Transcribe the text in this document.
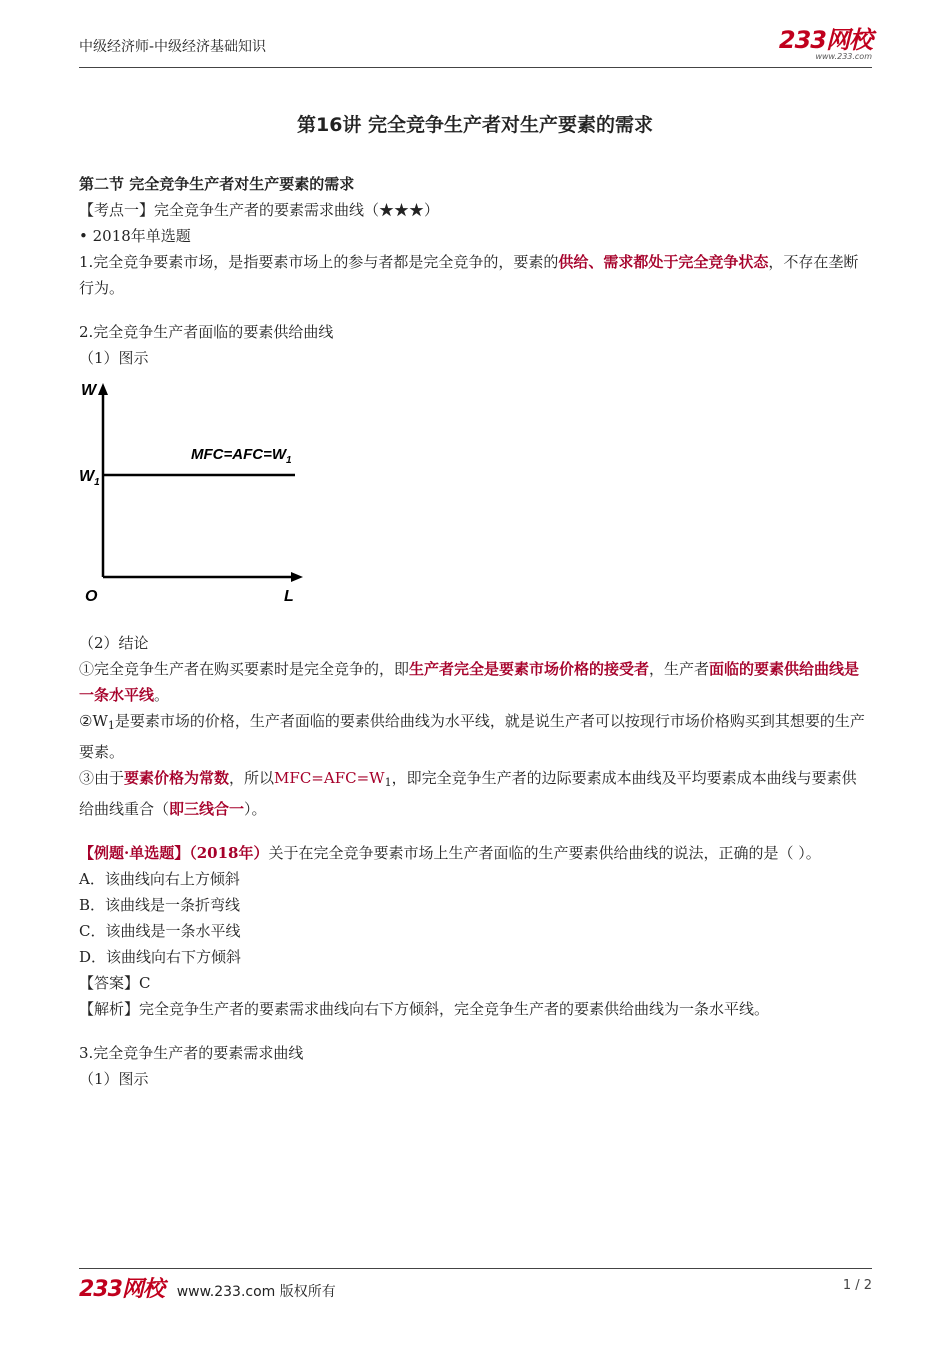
中级经济师-中级经济基础知识	233网校
www.233.com
第16讲 完全竞争生产者对生产要素的需求

第二节 完全竞争生产者对生产要素的需求

【考点一】完全竞争生产者的要素需求曲线（★★★）

• 2018年单选题

1.完全竞争要素市场，是指要素市场上的参与者都是完全竞争的，要素的供给、需求都处于完全竞争状态，不存在垄断行为。

2.完全竞争生产者面临的要素供给曲线

（1）图示

W
$W_1$
O	L
$MFC=AFC=W_1$

（2）结论

①完全竞争生产者在购买要素时是完全竞争的，即生产者完全是要素市场价格的接受者，生产者面临的要素供给曲线是一条水平线。

$②W_1$是要素市场的价格，生产者面临的要素供给曲线为水平线，就是说生产者可以按现行市场价格购买到其想要的生产要素。

③由于要素价格为常数，所以$MFC=AFC=W_1$，即完全竞争生产者的边际要素成本曲线及平均要素成本曲线与要素供给曲线重合（即三线合一）。

【例题·单选题】（2018年）关于在完全竞争要素市场上生产者面临的生产要素供给曲线的说法，正确的是（ ）。

A．该曲线向右上方倾斜

B．该曲线是一条折弯线

C．该曲线是一条水平线

D．该曲线向右下方倾斜

【答案】C

【解析】完全竞争生产者的要素需求曲线向右下方倾斜，完全竞争生产者的要素供给曲线为一条水平线。

3.完全竞争生产者的要素需求曲线

（1）图示

233网校 www.233.com 版权所有	1 / 2
